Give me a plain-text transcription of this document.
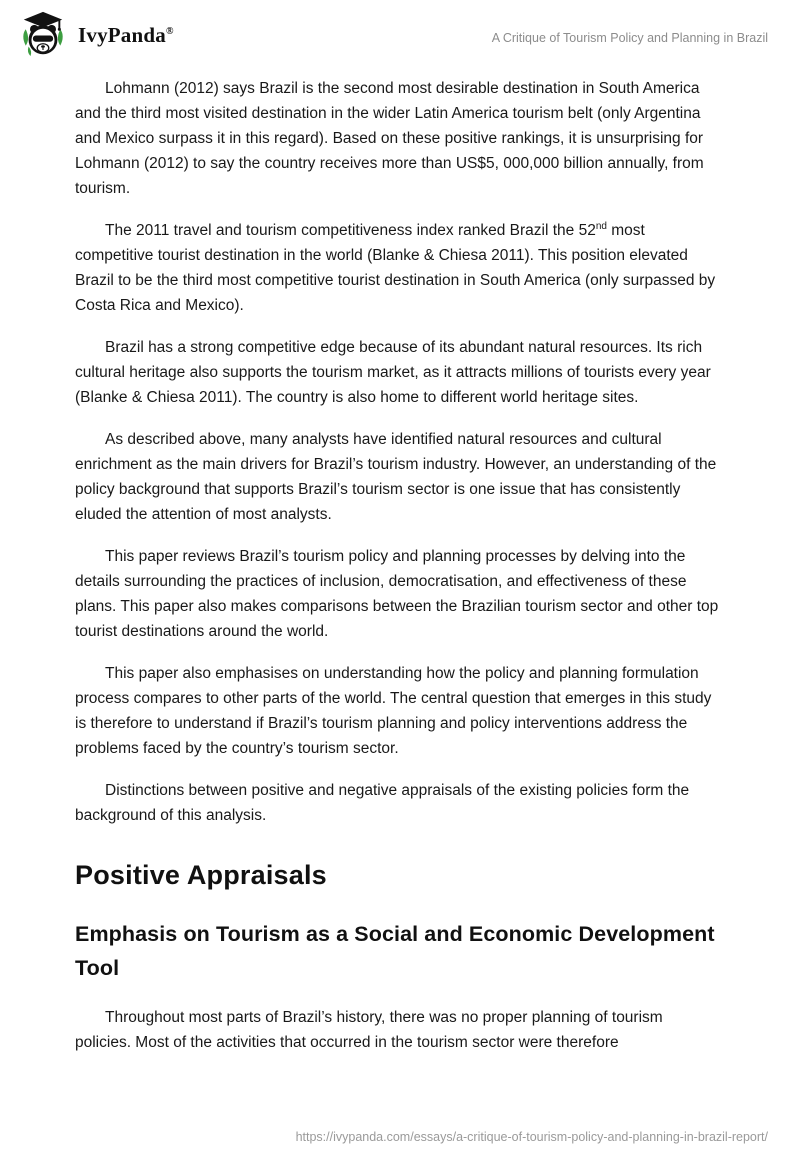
IvyPanda®	A Critique of Tourism Policy and Planning in Brazil

Lohmann (2012) says Brazil is the second most desirable destination in South America and the third most visited destination in the wider Latin America tourism belt (only Argentina and Mexico surpass it in this regard). Based on these positive rankings, it is unsurprising for Lohmann (2012) to say the country receives more than US$5, 000,000 billion annually, from tourism.

The 2011 travel and tourism competitiveness index ranked Brazil the 52nd most competitive tourist destination in the world (Blanke & Chiesa 2011). This position elevated Brazil to be the third most competitive tourist destination in South America (only surpassed by Costa Rica and Mexico).

Brazil has a strong competitive edge because of its abundant natural resources. Its rich cultural heritage also supports the tourism market, as it attracts millions of tourists every year (Blanke & Chiesa 2011). The country is also home to different world heritage sites.

As described above, many analysts have identified natural resources and cultural enrichment as the main drivers for Brazil’s tourism industry. However, an understanding of the policy background that supports Brazil’s tourism sector is one issue that has consistently eluded the attention of most analysts.

This paper reviews Brazil’s tourism policy and planning processes by delving into the details surrounding the practices of inclusion, democratisation, and effectiveness of these plans. This paper also makes comparisons between the Brazilian tourism sector and other top tourist destinations around the world.

This paper also emphasises on understanding how the policy and planning formulation process compares to other parts of the world. The central question that emerges in this study is therefore to understand if Brazil’s tourism planning and policy interventions address the problems faced by the country’s tourism sector.

Distinctions between positive and negative appraisals of the existing policies form the background of this analysis.

Positive Appraisals
Emphasis on Tourism as a Social and Economic Development Tool

Throughout most parts of Brazil’s history, there was no proper planning of tourism policies. Most of the activities that occurred in the tourism sector were therefore

https://ivypanda.com/essays/a-critique-of-tourism-policy-and-planning-in-brazil-report/
